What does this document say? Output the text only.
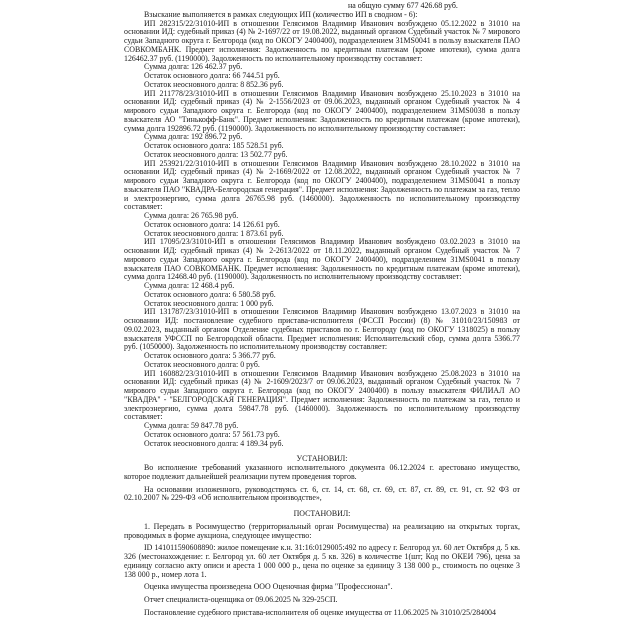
на общую сумму 677 426.68 руб.

Взыскание выполняется в рамках следующих ИП (количество ИП в сводном - 6):

ИП 282315/22/31010-ИП в отношении Гелясимов Владимир Иванович возбуждено 05.12.2022 в 31010 на основании ИД: судебный приказ (4) № 2-1697/22 от 19.08.2022, выданный органом Судебный участок № 7 мирового судьи Западного округа г. Белгорода (код по ОКОГУ 2400400), подразделением 31MS0041 в пользу взыскателя ПАО СОВКОМБАНК. Предмет исполнения: Задолженность по кредитным платежам (кроме ипотеки), сумма долга 126462.37 руб. (1190000). Задолженность по исполнительному производству составляет:

Сумма долга: 126 462.37 руб.

Остаток основного долга: 66 744.51 руб.

Остаток неосновного долга: 8 852.36 руб.

ИП 211778/23/31010-ИП в отношении Гелясимов Владимир Иванович возбуждено 25.10.2023 в 31010 на основании ИД: судебный приказ (4) № 2-1556/2023 от 09.06.2023, выданный органом Судебный участок № 4 мирового судьи Западного округа г. Белгорода (код по ОКОГУ 2400400), подразделением 31MS0038 в пользу взыскателя АО "Тинькофф-Банк". Предмет исполнения: Задолженность по кредитным платежам (кроме ипотеки), сумма долга 192896.72 руб. (1190000). Задолженность по исполнительному производству составляет:

Сумма долга: 192 896.72 руб.

Остаток основного долга: 185 528.51 руб.

Остаток неосновного долга: 13 502.77 руб.

ИП 253921/22/31010-ИП в отношении Гелясимов Владимир Иванович возбуждено 28.10.2022 в 31010 на основании ИД: судебный приказ (4) № 2-1669/2022 от 12.08.2022, выданный органом Судебный участок № 7 мирового судьи Западного округа г. Белгорода (код по ОКОГУ 2400400), подразделением 31MS0041 в пользу взыскателя ПАО "КВАДРА-Белгородская генерация". Предмет исполнения: Задолженность по платежам за газ, тепло и электроэнергию, сумма долга 26765.98 руб. (1460000). Задолженность по исполнительному производству составляет:

Сумма долга: 26 765.98 руб.

Остаток основного долга: 14 126.61 руб.

Остаток неосновного долга: 1 873.61 руб.

ИП 17095/23/31010-ИП в отношении Гелясимов Владимир Иванович возбуждено 03.02.2023 в 31010 на основании ИД: судебный приказ (4) № 2-2613/2022 от 18.11.2022, выданный органом Судебный участок № 7 мирового судьи Западного округа г. Белгорода (код по ОКОГУ 2400400), подразделением 31MS0041 в пользу взыскателя ПАО СОВКОМБАНК. Предмет исполнения: Задолженность по кредитным платежам (кроме ипотеки), сумма долга 12468.40 руб. (1190000). Задолженность по исполнительному производству составляет:

Сумма долга: 12 468.4 руб.

Остаток основного долга: 6 580.58 руб.

Остаток неосновного долга: 1 000 руб.

ИП 131787/23/31010-ИП в отношении Гелясимов Владимир Иванович возбуждено 13.07.2023 в 31010 на основании ИД: постановление судебного пристава-исполнителя (ФССП России) (8) № 31010/23/150983 от 09.02.2023, выданный органом Отделение судебных приставов по г. Белгороду (код по ОКОГУ 1318025) в пользу взыскателя УФССП по Белгородской области. Предмет исполнения: Исполнительский сбор, сумма долга 5366.77 руб. (1050000). Задолженность по исполнительному производству составляет:

Остаток основного долга: 5 366.77 руб.

Остаток неосновного долга: 0 руб.

ИП 160882/23/31010-ИП в отношении Гелясимов Владимир Иванович возбуждено 25.08.2023 в 31010 на основании ИД: судебный приказ (4) № 2-1609/2023/7 от 09.06.2023, выданный органом Судебный участок № 7 мирового судьи Западного округа г. Белгорода (код по ОКОГУ 2400400) в пользу взыскателя ФИЛИАЛ АО "КВАДРА" - "БЕЛГОРОДСКАЯ ГЕНЕРАЦИЯ". Предмет исполнения: Задолженность по платежам за газ, тепло и электроэнергию, сумма долга 59847.78 руб. (1460000). Задолженность по исполнительному производству составляет:

Сумма долга: 59 847.78 руб.

Остаток основного долга: 57 561.73 руб.

Остаток неосновного долга: 4 189.34 руб.

УСТАНОВИЛ:

Во исполнение требований указанного исполнительного документа 06.12.2024 г. арестовано имущество, которое подлежит дальнейшей реализации путем проведения торгов.

На основании изложенного, руководствуясь ст. 6, ст. 14, ст. 68, ст. 69, ст. 87, ст. 89, ст. 91, ст. 92 ФЗ от 02.10.2007 № 229-ФЗ «Об исполнительном производстве»,

ПОСТАНОВИЛ:

1. Передать в Росимущество (территориальный орган Росимущества) на реализацию на открытых торгах, проводимых в форме аукциона, следующее имущество:

ID 141011590608890: жилое помещение к.н. 31:16:0129005:492 по адресу г. Белгород ул. 60 лет Октября д. 5 кв. 326 (местонахождение: г. Белгород ул. 60 лет Октября д. 5 кв. 326) в количестве 1(шт; Код по ОКЕИ 796), цена за единицу согласно акту описи и ареста 1 000 000 р., цена по оценке за единицу 3 138 000 р., стоимость по оценке 3 138 000 р., номер лота 1.

Оценка имущества произведена ООО Оценочная фирма "Профессионал".

Отчет специалиста-оценщика от 09.06.2025 № 329-25СП.

Постановление судебного пристава-исполнителя об оценке имущества от 11.06.2025 № 31010/25/284004
